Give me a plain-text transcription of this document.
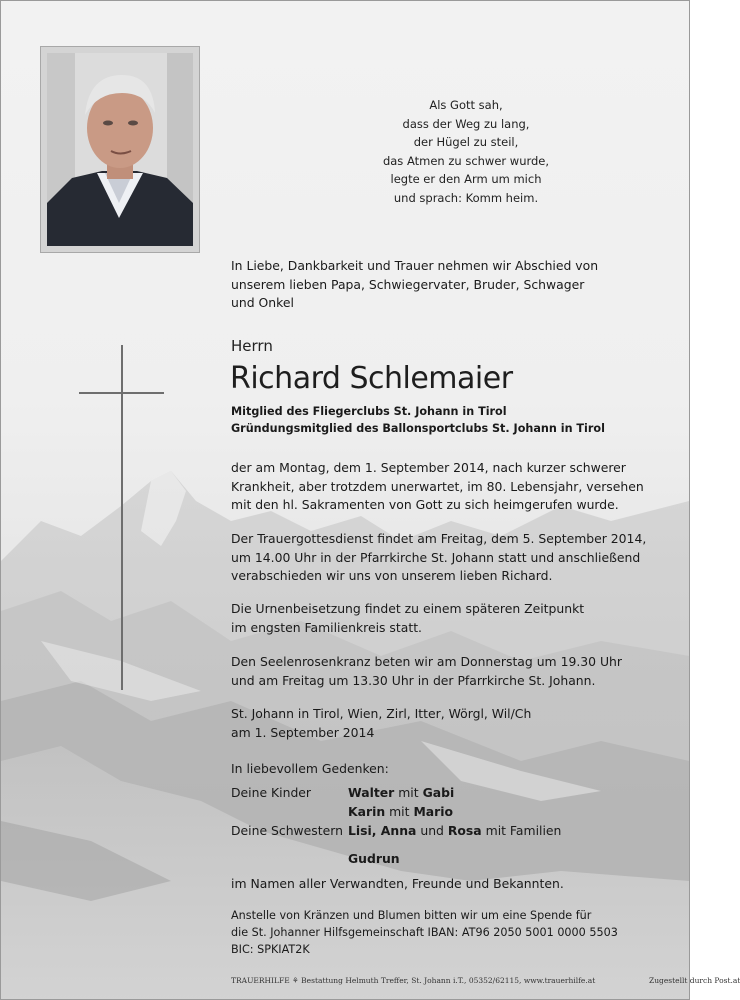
Als Gott sah,
dass der Weg zu lang,
der Hügel zu steil,
das Atmen zu schwer wurde,
legte er den Arm um mich
und sprach: Komm heim.
In Liebe, Dankbarkeit und Trauer nehmen wir Abschied von
unserem lieben Papa, Schwiegervater, Bruder, Schwager
und Onkel
Herrn
Richard Schlemaier
Mitglied des Fliegerclubs St. Johann in Tirol
Gründungsmitglied des Ballonsportclubs St. Johann in Tirol
der am Montag, dem 1. September 2014, nach kurzer schwerer
Krankheit, aber trotzdem unerwartet, im 80. Lebensjahr, versehen
mit den hl. Sakramenten von Gott zu sich heimgerufen wurde.
Der Trauergottesdienst findet am Freitag, dem 5. September 2014,
um 14.00 Uhr in der Pfarrkirche St. Johann statt und anschließend
verabschieden wir uns von unserem lieben Richard.
Die Urnenbeisetzung findet zu einem späteren Zeitpunkt
im engsten Familienkreis statt.
Den Seelenrosenkranz beten wir am Donnerstag um 19.30 Uhr
und am Freitag um 13.30 Uhr in der Pfarrkirche St. Johann.
St. Johann in Tirol, Wien, Zirl, Itter, Wörgl, Wil/Ch
am 1. September 2014
In liebevollem Gedenken:
Deine Kinder	Walter mit Gabi
Karin mit Mario
Deine Schwestern Lisi, Anna und Rosa mit Familien
Gudrun
im Namen aller Verwandten, Freunde und Bekannten.
Anstelle von Kränzen und Blumen bitten wir um eine Spende für
die St. Johanner Hilfsgemeinschaft IBAN: AT96 2050 5001 0000 5503
BIC: SPKIAT2K
TRAUERHILFE ⚘ Bestattung Helmuth Treffer, St. Johann i.T., 05352/62115, www.trauerhilfe.at	Zugestellt durch Post.at
